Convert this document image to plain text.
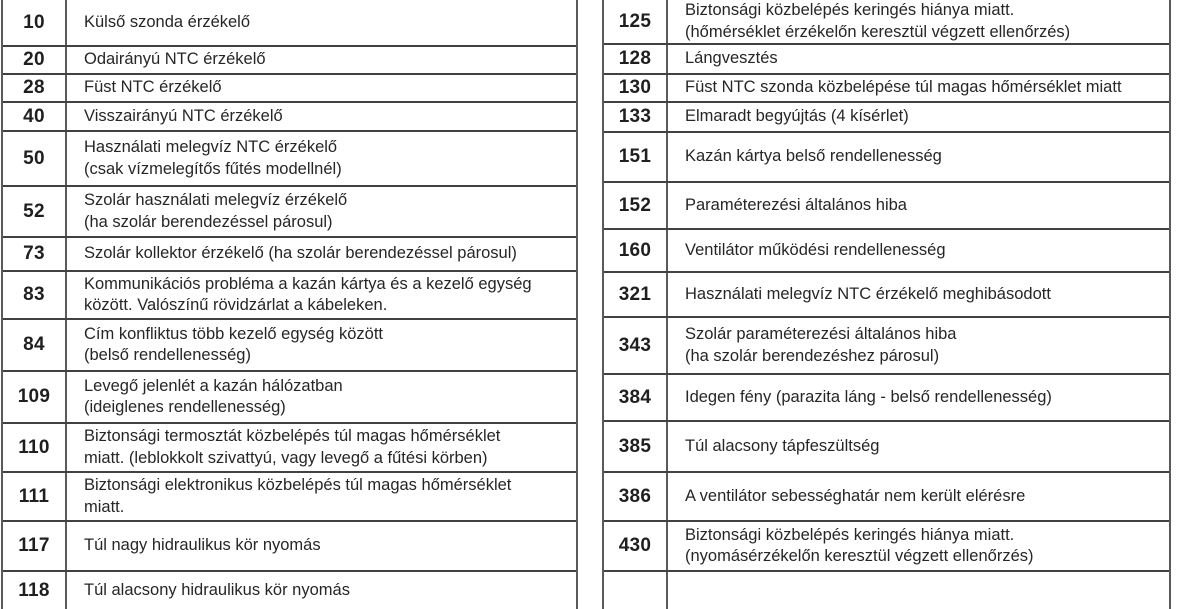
10 Külső szonda érzékelő
20 Odairányú NTC érzékelő
28 Füst NTC érzékelő
40 Visszairányú NTC érzékelő
50
Használati melegvíz NTC érzékelő
(csak vízmelegítős fűtés modellnél)
52
Szolár használati melegvíz érzékelő
(ha szolár berendezéssel párosul)
73 Szolár kollektor érzékelő (ha szolár berendezéssel párosul)
83
Kommunikációs probléma a kazán kártya és a kezelő egység
között. Valószínű rövidzárlat a kábeleken.
84
Cím konfliktus több kezelő egység között
(belső rendellenesség)
109
Levegő jelenlét a kazán hálózatban
(ideiglenes rendellenesség)
110
Biztonsági termosztát közbelépés túl magas hőmérséklet
miatt. (leblokkolt szivattyú, vagy levegő a fűtési körben)
111
Biztonsági elektronikus közbelépés túl magas hőmérséklet
miatt.
117 Túl nagy hidraulikus kör nyomás
118 Túl alacsony hidraulikus kör nyomás
125
Biztonsági közbelépés keringés hiánya miatt.
(hőmérséklet érzékelőn keresztül végzett ellenőrzés)
128 Lángvesztés
130 Füst NTC szonda közbelépése túl magas hőmérséklet miatt
133 Elmaradt begyújtás (4 kísérlet)
151 Kazán kártya belső rendellenesség
152 Paraméterezési általános hiba
160 Ventilátor működési rendellenesség
321 Használati melegvíz NTC érzékelő meghibásodott
343
Szolár paraméterezési általános hiba
(ha szolár berendezéshez párosul)
384 Idegen fény (parazita láng - belső rendellenesség)
385 Túl alacsony tápfeszültség
386 A ventilátor sebességhatár nem került elérésre
430
Biztonsági közbelépés keringés hiánya miatt.
(nyomásérzékelőn keresztül végzett ellenőrzés)
